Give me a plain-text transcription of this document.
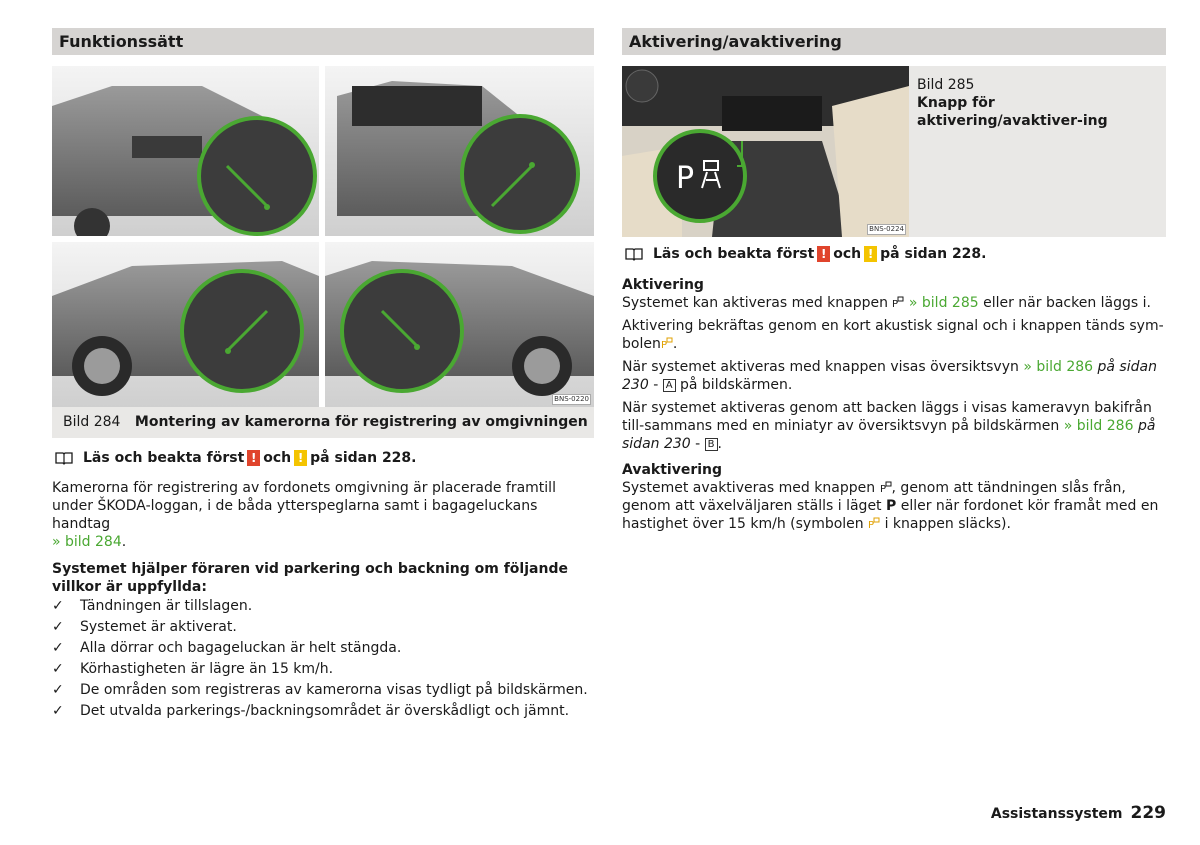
Funktionssätt
BNS-0220
Bild 284 Montering av kamerorna för registrering av omgivningen
Läs och beakta först ! och ! på sidan 228.

Kamerorna för registrering av fordonets omgivning är placerade framtill under ŠKODA-loggan, i de båda ytterspeglarna samt i bagageluckans handtag
» bild 284.

Systemet hjälper föraren vid parkering och backning om följande villkor är uppfyllda:

✓ Tändningen är tillslagen.
✓ Systemet är aktiverat.
✓ Alla dörrar och bagageluckan är helt stängda.
✓ Körhastigheten är lägre än 15 km/h.
✓ De områden som registreras av kamerorna visas tydligt på bildskärmen.
✓ Det utvalda parkerings-/backningsområdet är överskådligt och jämnt.
Aktivering/avaktivering
P
BNS-0224
Bild 285
Knapp för aktivering/avaktiver-ing
Läs och beakta först ! och ! på sidan 228.

Aktivering

Systemet kan aktiveras med knappen P » bild 285 eller när backen läggs i.

Aktivering bekräftas genom en kort akustisk signal och i knappen tänds sym-bolen P .

När systemet aktiveras med knappen visas översiktsvyn » bild 286 på sidan 230 - A på bildskärmen.

När systemet aktiveras genom att backen läggs i visas kameravyn bakifrån till-sammans med en miniatyr av översiktsvyn på bildskärmen » bild 286 på sidan 230 - B .

Avaktivering

Systemet avaktiveras med knappen P , genom att tändningen slås från, genom att växelväljaren ställs i läget P eller när fordonet kör framåt med en hastighet över 15 km/h (symbolen P i knappen släcks).

Assistanssystem 229
